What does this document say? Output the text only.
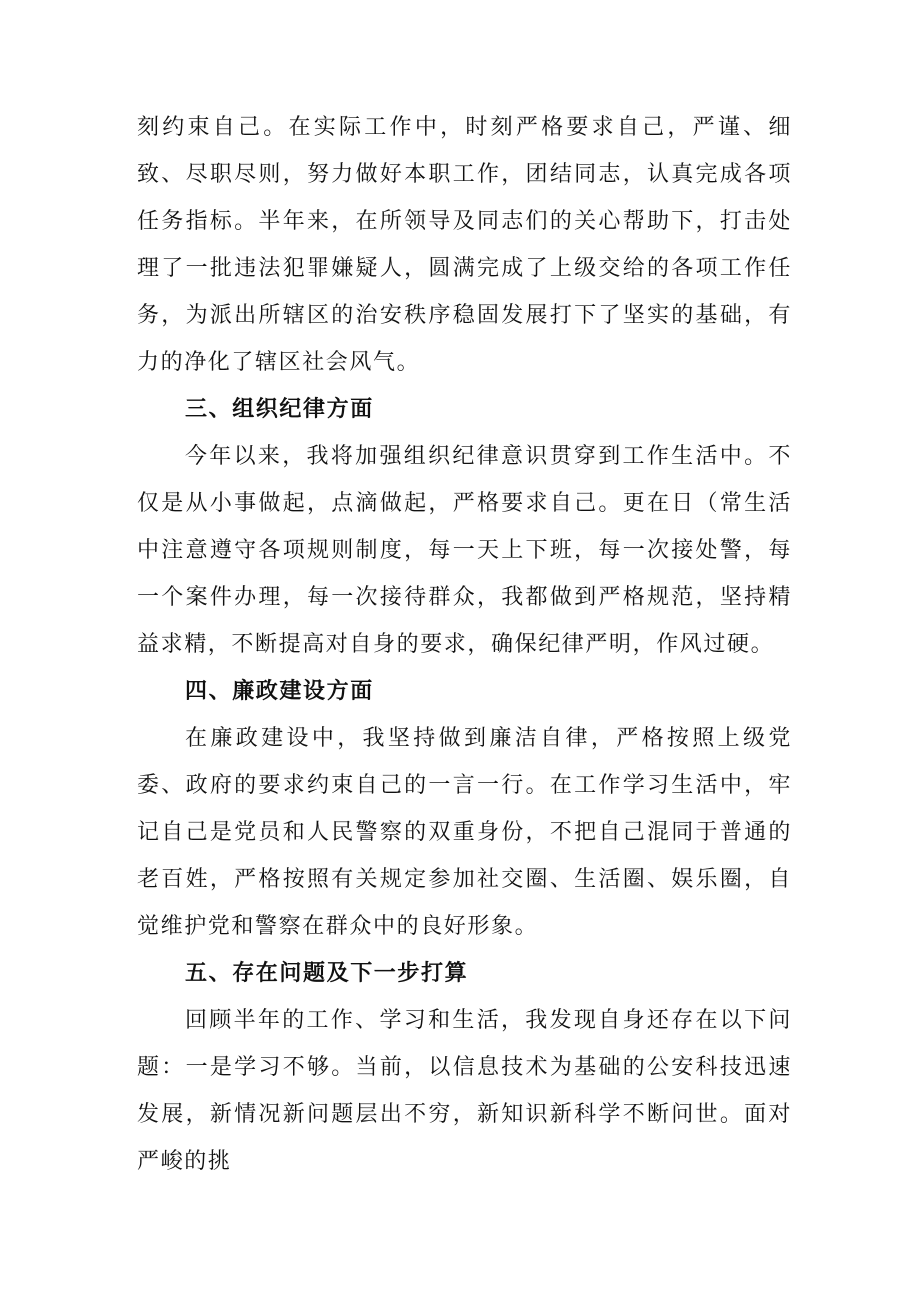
刻约束自己。在实际工作中，时刻严格要求自己，严谨、细致、尽职尽则，努力做好本职工作，团结同志，认真完成各项任务指标。半年来，在所领导及同志们的关心帮助下，打击处理了一批违法犯罪嫌疑人，圆满完成了上级交给的各项工作任务，为派出所辖区的治安秩序稳固发展打下了坚实的基础，有力的净化了辖区社会风气。

三、组织纪律方面

今年以来，我将加强组织纪律意识贯穿到工作生活中。不仅是从小事做起，点滴做起，严格要求自己。更在日（常生活中注意遵守各项规则制度，每一天上下班，每一次接处警，每一个案件办理，每一次接待群众，我都做到严格规范，坚持精益求精，不断提高对自身的要求，确保纪律严明，作风过硬。

四、廉政建设方面

在廉政建设中，我坚持做到廉洁自律，严格按照上级党委、政府的要求约束自己的一言一行。在工作学习生活中，牢记自己是党员和人民警察的双重身份，不把自己混同于普通的老百姓，严格按照有关规定参加社交圈、生活圈、娱乐圈，自觉维护党和警察在群众中的良好形象。

五、存在问题及下一步打算

回顾半年的工作、学习和生活，我发现自身还存在以下问题：一是学习不够。当前，以信息技术为基础的公安科技迅速发展，新情况新问题层出不穷，新知识新科学不断问世。面对严峻的挑
